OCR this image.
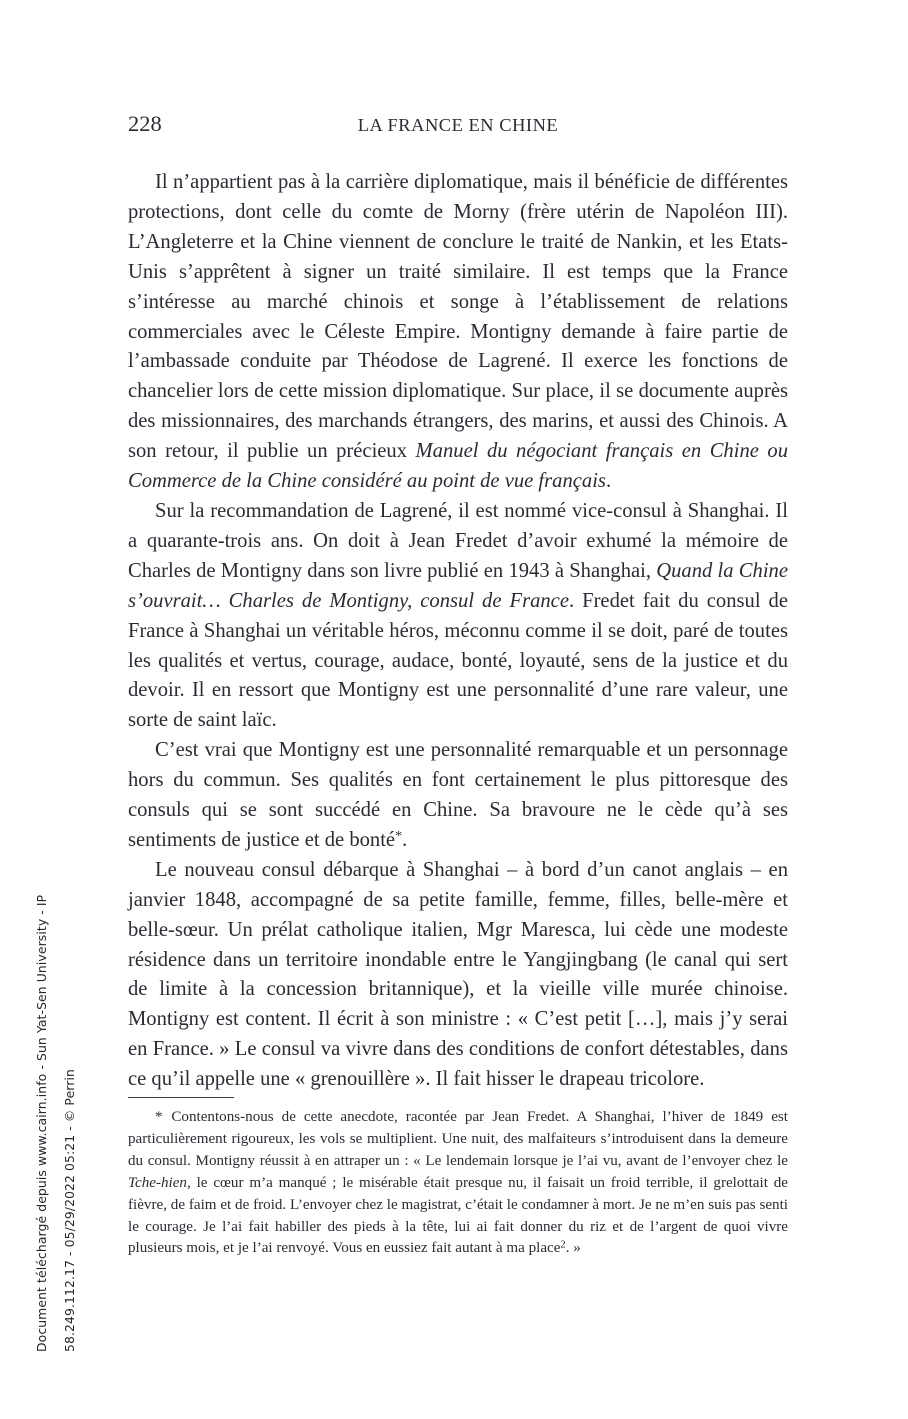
Document téléchargé depuis www.cairn.info - Sun Yat-Sen University - IP 58.249.112.17 - 05/29/2022 05:21 - © Perrin
228	LA FRANCE EN CHINE

Il n’appartient pas à la carrière diplomatique, mais il bénéficie de différentes protections, dont celle du comte de Morny (frère utérin de Napoléon III). L’Angleterre et la Chine viennent de conclure le traité de Nankin, et les Etats-Unis s’apprêtent à signer un traité similaire. Il est temps que la France s’intéresse au marché chinois et songe à l’établissement de relations commerciales avec le Céleste Empire. Montigny demande à faire partie de l’ambassade conduite par Théodose de Lagrené. Il exerce les fonctions de chancelier lors de cette mission diplomatique. Sur place, il se documente auprès des missionnaires, des marchands étrangers, des marins, et aussi des Chinois. A son retour, il publie un précieux Manuel du négociant français en Chine ou Commerce de la Chine considéré au point de vue français.

Sur la recommandation de Lagrené, il est nommé vice-consul à Shanghai. Il a quarante-trois ans. On doit à Jean Fredet d’avoir exhumé la mémoire de Charles de Montigny dans son livre publié en 1943 à Shanghai, Quand la Chine s’ouvrait… Charles de Montigny, consul de France. Fredet fait du consul de France à Shanghai un véritable héros, méconnu comme il se doit, paré de toutes les qualités et vertus, courage, audace, bonté, loyauté, sens de la justice et du devoir. Il en ressort que Montigny est une personnalité d’une rare valeur, une sorte de saint laïc.

C’est vrai que Montigny est une personnalité remarquable et un personnage hors du commun. Ses qualités en font certainement le plus pittoresque des consuls qui se sont succédé en Chine. Sa bravoure ne le cède qu’à ses sentiments de justice et de bonté*.

Le nouveau consul débarque à Shanghai – à bord d’un canot anglais – en janvier 1848, accompagné de sa petite famille, femme, filles, belle-mère et belle-sœur. Un prélat catholique italien, Mgr Maresca, lui cède une modeste résidence dans un territoire inondable entre le Yangjingbang (le canal qui sert de limite à la concession britannique), et la vieille ville murée chinoise. Montigny est content. Il écrit à son ministre : « C’est petit […], mais j’y serai en France. » Le consul va vivre dans des conditions de confort détestables, dans ce qu’il appelle une « grenouillère ». Il fait hisser le drapeau tricolore.

* Contentons-nous de cette anecdote, racontée par Jean Fredet. A Shanghai, l’hiver de 1849 est particulièrement rigoureux, les vols se multiplient. Une nuit, des malfaiteurs s’introduisent dans la demeure du consul. Montigny réussit à en attraper un : « Le lendemain lorsque je l’ai vu, avant de l’envoyer chez le Tche-hien, le cœur m’a manqué ; le misérable était presque nu, il faisait un froid terrible, il grelottait de fièvre, de faim et de froid. L’envoyer chez le magistrat, c’était le condamner à mort. Je ne m’en suis pas senti le courage. Je l’ai fait habiller des pieds à la tête, lui ai fait donner du riz et de l’argent de quoi vivre plusieurs mois, et je l’ai renvoyé. Vous en eussiez fait autant à ma place$^2$. »
